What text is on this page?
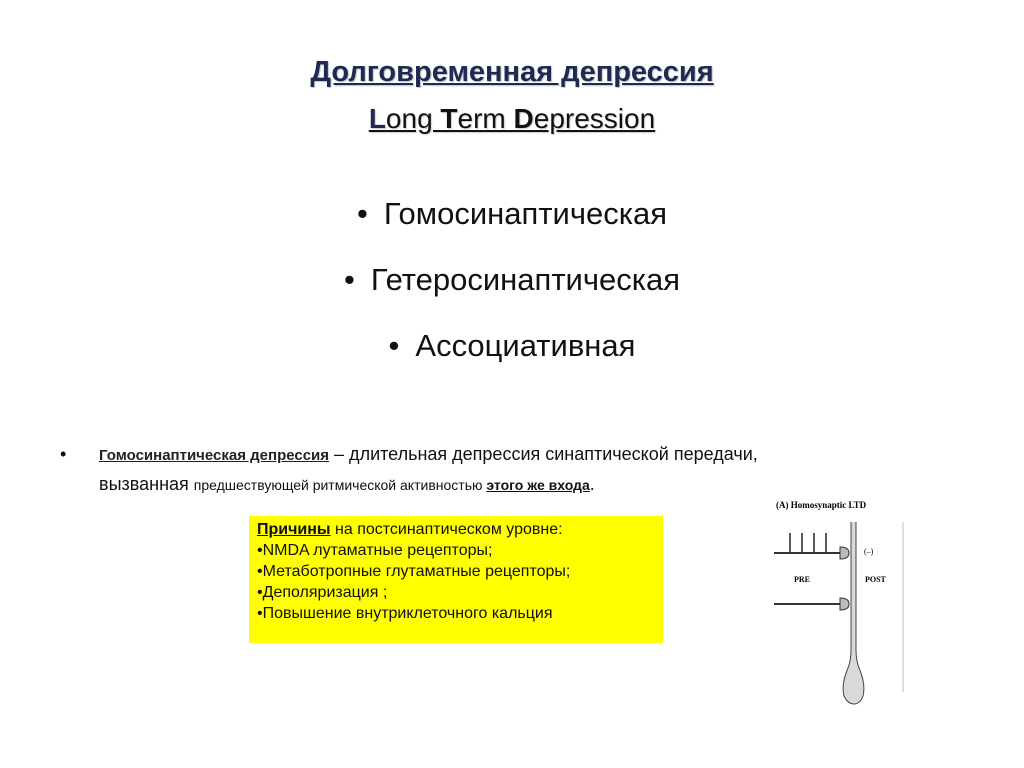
Долговременная депрессия
Long Term Depression
• Гомосинаптическая
• Гетеросинаптическая
• Ассоциативная
• Гомосинаптическая депрессия – длительная депрессия синаптической передачи,
вызванная предшествующей ритмической активностью этого же входа.
Причины на постсинаптическом уровне:
•NMDA лутаматные рецепторы;
•Метаботропные глутаматные рецепторы;
•Деполяризация ;
•Повышение внутриклеточного кальция
(A) Homosynaptic LTD
(–)
PRE	POST
